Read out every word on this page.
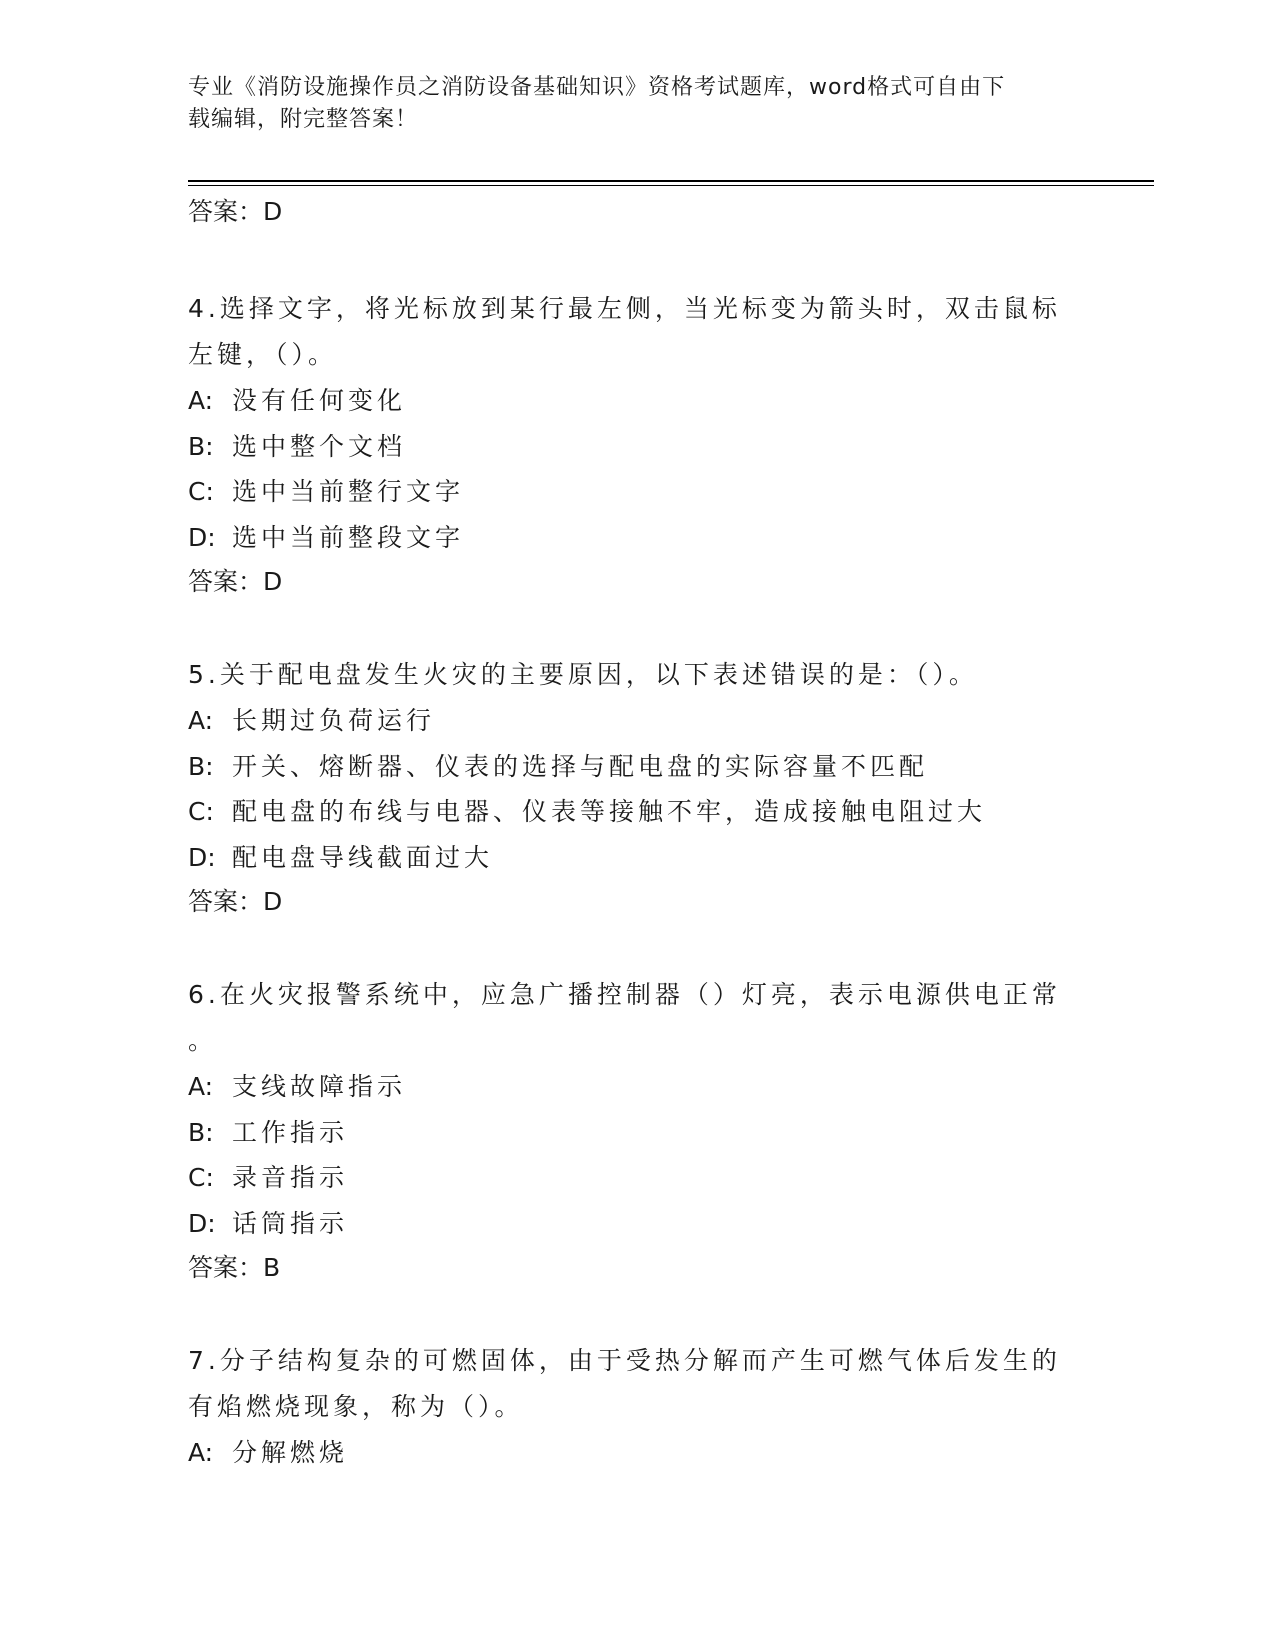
专业《消防设施操作员之消防设备基础知识》资格考试题库，word格式可自由下
载编辑，附完整答案！
答案：D
4.选择文字，将光标放到某行最左侧，当光标变为箭头时，双击鼠标
左键，（）。
A: 没有任何变化
B: 选中整个文档
C: 选中当前整行文字
D: 选中当前整段文字
答案：D
5.关于配电盘发生火灾的主要原因，以下表述错误的是：（）。
A: 长期过负荷运行
B: 开关、熔断器、仪表的选择与配电盘的实际容量不匹配
C: 配电盘的布线与电器、仪表等接触不牢，造成接触电阻过大
D: 配电盘导线截面过大
答案：D
6.在火灾报警系统中，应急广播控制器（）灯亮，表示电源供电正常
。
A: 支线故障指示
B: 工作指示
C: 录音指示
D: 话筒指示
答案：B
7.分子结构复杂的可燃固体，由于受热分解而产生可燃气体后发生的
有焰燃烧现象，称为（）。
A: 分解燃烧
